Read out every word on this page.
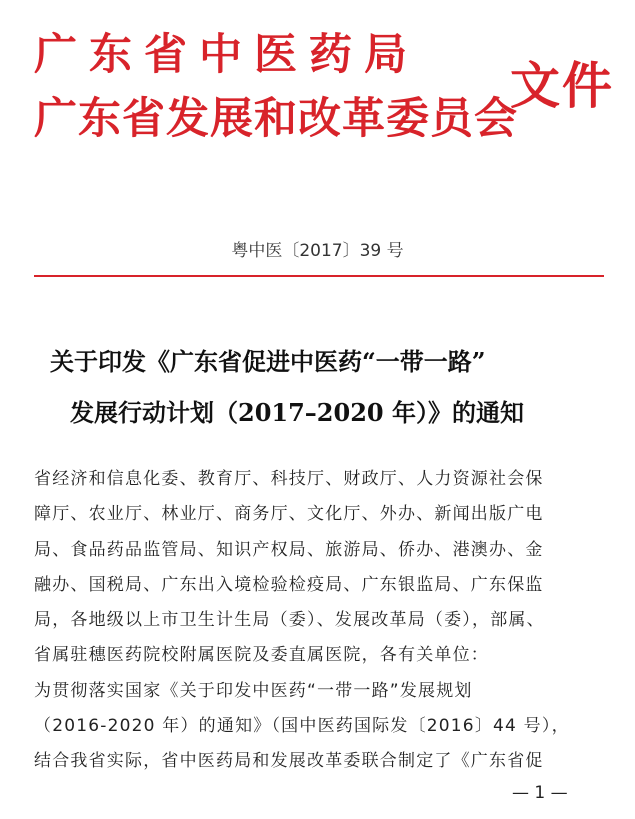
广东省中医药局
广东省发展和改革委员会
文件
粤中医〔2017〕39 号
关于印发《广东省促进中医药“一带一路”
发展行动计划（2017–2020 年）》的通知
省经济和信息化委、教育厅、科技厅、财政厅、人力资源社会保
障厅、农业厅、林业厅、商务厅、文化厅、外办、新闻出版广电
局、食品药品监管局、知识产权局、旅游局、侨办、港澳办、金
融办、国税局、广东出入境检验检疫局、广东银监局、广东保监
局，各地级以上市卫生计生局（委）、发展改革局（委），部属、
省属驻穗医药院校附属医院及委直属医院，各有关单位：
为贯彻落实国家《关于印发中医药“一带一路”发展规划
（2016-2020 年）的通知》（国中医药国际发〔2016〕44 号），
结合我省实际，省中医药局和发展改革委联合制定了《广东省促
— 1 —
